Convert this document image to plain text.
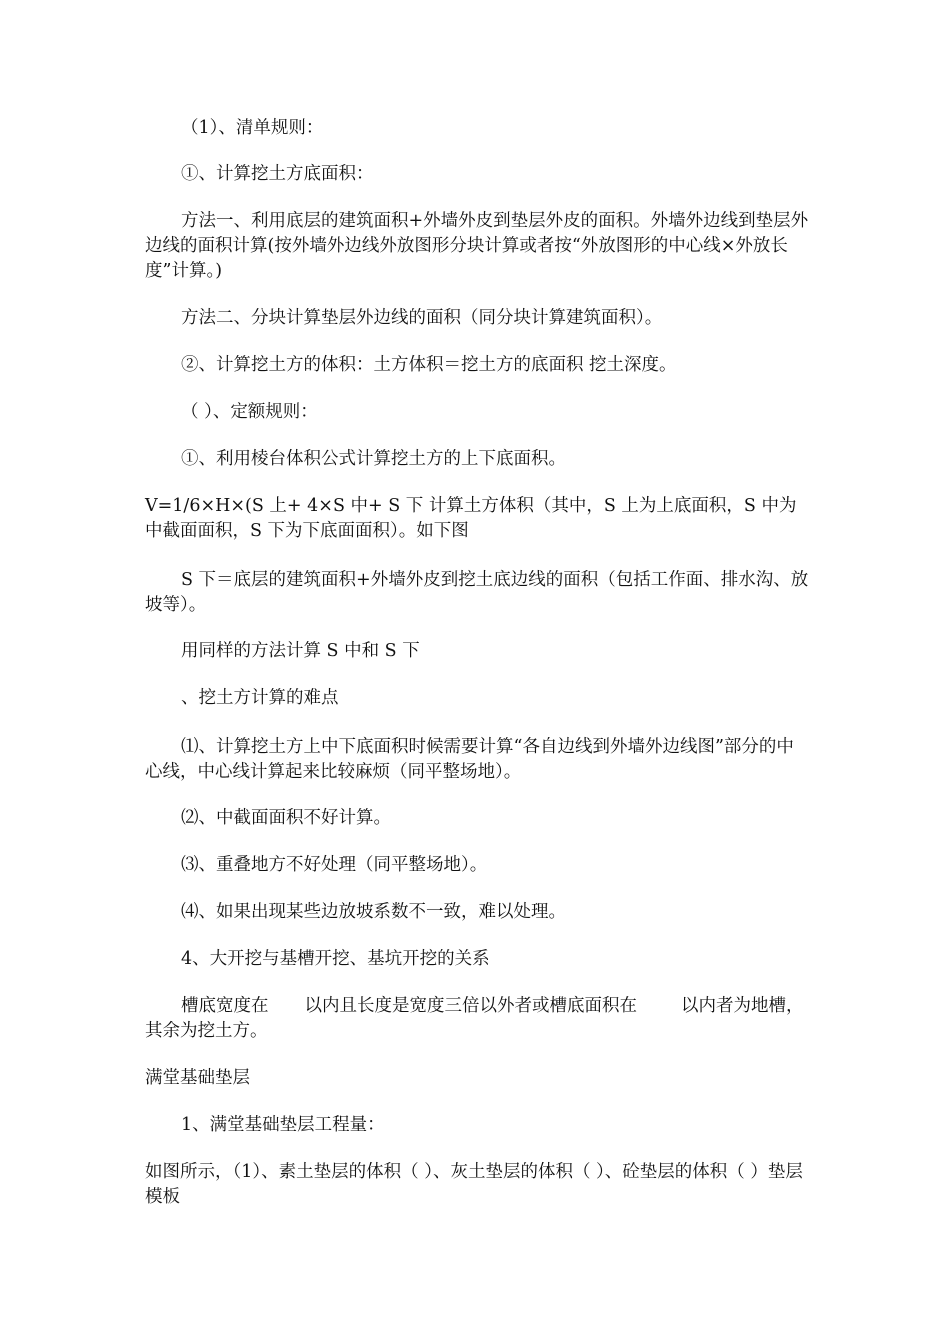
（1）、清单规则：

①、计算挖土方底面积：

方法一、利用底层的建筑面积+外墙外皮到垫层外皮的面积。外墙外边线到垫层外边线的面积计算(按外墙外边线外放图形分块计算或者按“外放图形的中心线×外放长度”计算。)

方法二、分块计算垫层外边线的面积（同分块计算建筑面积）。

②、计算挖土方的体积：土方体积＝挖土方的底面积 挖土深度。

（ ）、定额规则：

①、利用棱台体积公式计算挖土方的上下底面积。

V=1/6×H×(S 上+ 4×S 中+ S 下 计算土方体积（其中，S 上为上底面积，S 中为中截面面积，S 下为下底面面积）。如下图

S 下＝底层的建筑面积+外墙外皮到挖土底边线的面积（包括工作面、排水沟、放坡等）。

用同样的方法计算 S 中和 S 下

、挖土方计算的难点

⑴、计算挖土方上中下底面积时候需要计算“各自边线到外墙外边线图”部分的中心线，中心线计算起来比较麻烦（同平整场地）。

⑵、中截面面积不好计算。

⑶、重叠地方不好处理（同平整场地）。

⑷、如果出现某些边放坡系数不一致，难以处理。

4、大开挖与基槽开挖、基坑开挖的关系

槽底宽度在 以内且长度是宽度三倍以外者或槽底面积在	以内者为地槽，其余为挖土方。

满堂基础垫层

1、满堂基础垫层工程量：

如图所示，（1）、素土垫层的体积（ ）、灰土垫层的体积（ ）、砼垫层的体积（ ）垫层模板
